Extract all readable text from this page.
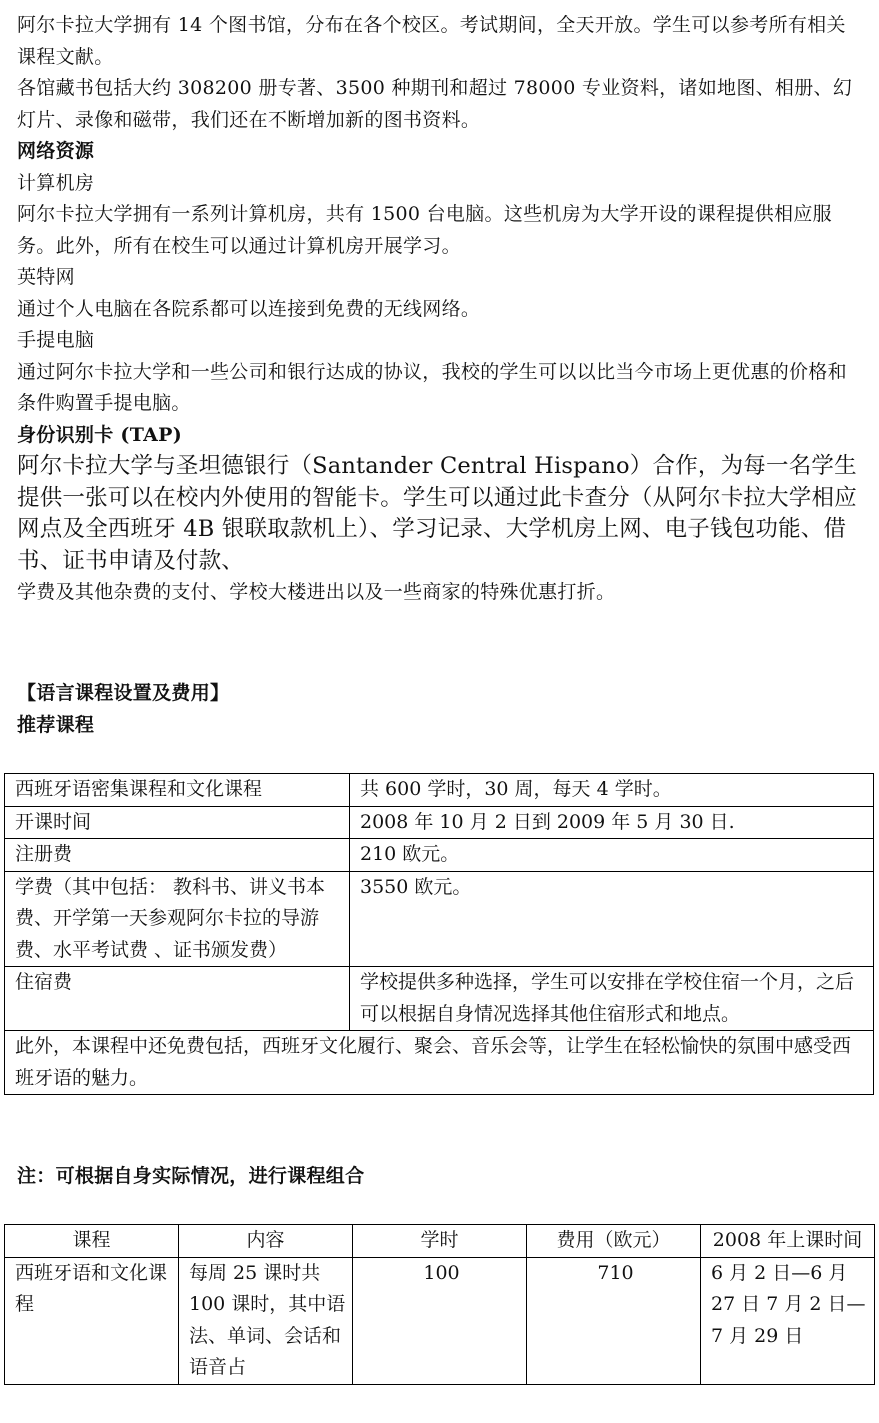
阿尔卡拉大学拥有 14 个图书馆，分布在各个校区。考试期间，全天开放。学生可以参考所有相关课程文献。

各馆藏书包括大约 308200 册专著、3500 种期刊和超过 78000 专业资料，诸如地图、相册、幻灯片、录像和磁带，我们还在不断增加新的图书资料。

网络资源

计算机房

阿尔卡拉大学拥有一系列计算机房，共有 1500 台电脑。这些机房为大学开设的课程提供相应服务。此外，所有在校生可以通过计算机房开展学习。

英特网

通过个人电脑在各院系都可以连接到免费的无线网络。

手提电脑

通过阿尔卡拉大学和一些公司和银行达成的协议，我校的学生可以以比当今市场上更优惠的价格和条件购置手提电脑。

身份识别卡 (TAP)

阿尔卡拉大学与圣坦德银行（Santander Central Hispano）合作，为每一名学生提供一张可以在校内外使用的智能卡。学生可以通过此卡查分（从阿尔卡拉大学相应网点及全西班牙 4B 银联取款机上）、学习记录、大学机房上网、电子钱包功能、借书、证书申请及付款、

学费及其他杂费的支付、学校大楼进出以及一些商家的特殊优惠打折。

【语言课程设置及费用】

推荐课程

西班牙语密集课程和文化课程	共 600 学时，30 周，每天 4 学时。
开课时间	2008 年 10 月 2 日到 2009 年 5 月 30 日.
注册费	210 欧元。
学费（其中包括： 教科书、讲义书本费、开学第一天参观阿尔卡拉的导游费、水平考试费 、证书颁发费）	3550 欧元。
住宿费	学校提供多种选择，学生可以安排在学校住宿一个月，之后可以根据自身情况选择其他住宿形式和地点。
此外，本课程中还免费包括，西班牙文化履行、聚会、音乐会等，让学生在轻松愉快的氛围中感受西班牙语的魅力。	

注：可根据自身实际情况，进行课程组合

课程	内容	学时	费用（欧元）	2008 年上课时间
西班牙语和文化课程	每周 25 课时共 100 课时，其中语法、单词、会话和语音占	100	710	6 月 2 日—6 月 27 日 7 月 2 日—7 月 29 日
